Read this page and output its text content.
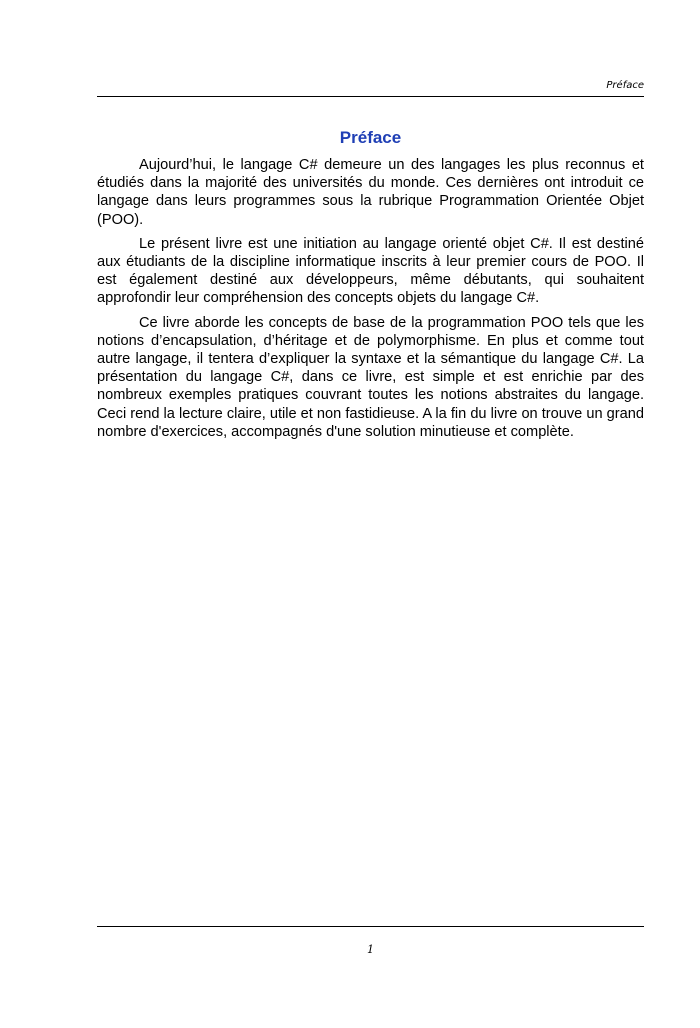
Préface
Préface

Aujourd’hui, le langage C# demeure un des langages les plus reconnus et étudiés dans la majorité des universités du monde. Ces dernières ont introduit ce langage dans leurs programmes sous la rubrique Programmation Orientée Objet (POO).

Le présent livre est une initiation au langage orienté objet C#. Il est destiné aux étudiants de la discipline informatique inscrits à leur premier cours de POO. Il est également destiné aux développeurs, même débutants, qui souhaitent approfondir leur compréhension des concepts objets du langage C#.

Ce livre aborde les concepts de base de la programmation POO tels que les notions d’encapsulation, d’héritage et de polymorphisme. En plus et comme tout autre langage, il tentera d’expliquer la syntaxe et la sémantique du langage C#. La présentation du langage C#, dans ce livre, est simple et est enrichie par des nombreux exemples pratiques couvrant toutes les notions abstraites du langage. Ceci rend la lecture claire, utile et non fastidieuse. A la fin du livre on trouve un grand nombre d'exercices, accompagnés d'une solution minutieuse et complète.

1
